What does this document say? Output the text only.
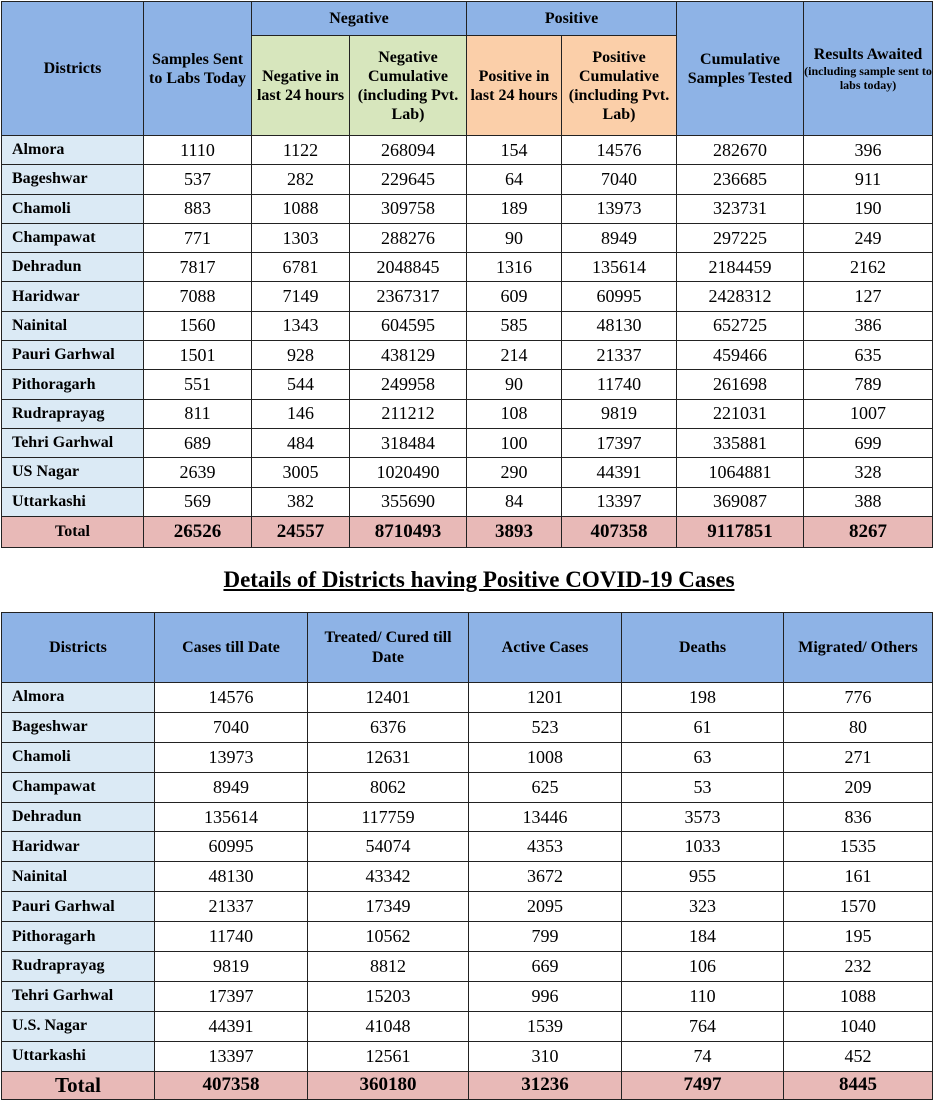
Districts	Samples Sent to Labs Today	Negative		Positive		Cumulative Samples Tested	Results Awaited
(including sample sent to labs today)

		Negative in last 24 hours	Negative Cumulative (including Pvt. Lab)	Positive in last 24 hours	Positive Cumulative (including Pvt. Lab)		
Almora	1110	1122	268094	154	14576	282670	396
Bageshwar	537	282	229645	64	7040	236685	911
Chamoli	883	1088	309758	189	13973	323731	190
Champawat	771	1303	288276	90	8949	297225	249
Dehradun	7817	6781	2048845	1316	135614	2184459	2162
Haridwar	7088	7149	2367317	609	60995	2428312	127
Nainital	1560	1343	604595	585	48130	652725	386
Pauri Garhwal	1501	928	438129	214	21337	459466	635
Pithoragarh	551	544	249958	90	11740	261698	789
Rudraprayag	811	146	211212	108	9819	221031	1007
Tehri Garhwal	689	484	318484	100	17397	335881	699
US Nagar	2639	3005	1020490	290	44391	1064881	328
Uttarkashi	569	382	355690	84	13397	369087	388
Total	26526	24557	8710493	3893	407358	9117851	8267
Details of Districts having Positive COVID-19 Cases
Districts	Cases till Date	Treated/ Cured till Date	Active Cases	Deaths	Migrated/ Others
Almora	14576	12401	1201	198	776
Bageshwar	7040	6376	523	61	80
Chamoli	13973	12631	1008	63	271
Champawat	8949	8062	625	53	209
Dehradun	135614	117759	13446	3573	836
Haridwar	60995	54074	4353	1033	1535
Nainital	48130	43342	3672	955	161
Pauri Garhwal	21337	17349	2095	323	1570
Pithoragarh	11740	10562	799	184	195
Rudraprayag	9819	8812	669	106	232
Tehri Garhwal	17397	15203	996	110	1088
U.S. Nagar	44391	41048	1539	764	1040
Uttarkashi	13397	12561	310	74	452
Total	407358	360180	31236	7497	8445
